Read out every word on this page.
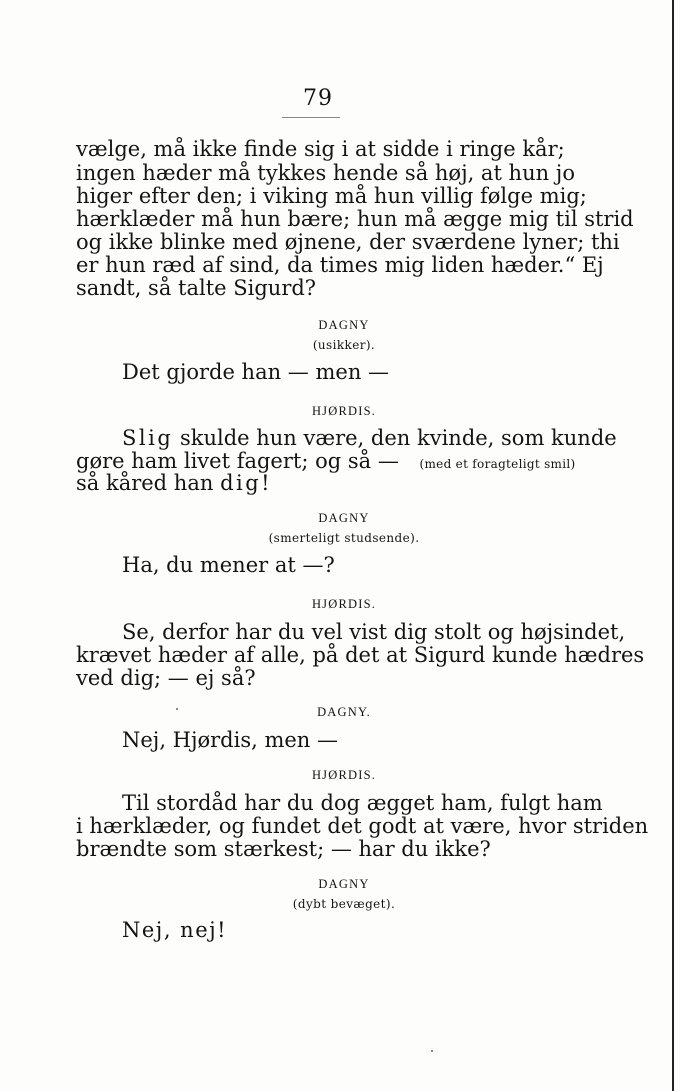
79
vælge, må ikke finde sig i at sidde i ringe kår;
ingen hæder må tykkes hende så høj, at hun jo
higer efter den; i viking må hun villig følge mig;
hærklæder må hun bære; hun må ægge mig til strid
og ikke blinke med øjnene, der sværdene lyner; thi
er hun ræd af sind, da times mig liden hæder.“ Ej
sandt, så talte Sigurd?
DAGNY
(usikker).
Det gjorde han — men —
HJØRDIS.
Slig skulde hun være, den kvinde, som kunde
gøre ham livet fagert; og så — (med et foragteligt smil)
så kåred han dig!
DAGNY
(smerteligt studsende).
Ha, du mener at —?
HJØRDIS.
Se, derfor har du vel vist dig stolt og højsindet,
krævet hæder af alle, på det at Sigurd kunde hædres
ved dig; — ej så?
DAGNY.
Nej, Hjørdis, men —
HJØRDIS.
Til stordåd har du dog ægget ham, fulgt ham
i hærklæder, og fundet det godt at være, hvor striden
brændte som stærkest; — har du ikke?
DAGNY
(dybt bevæget).
Nej, nej!
